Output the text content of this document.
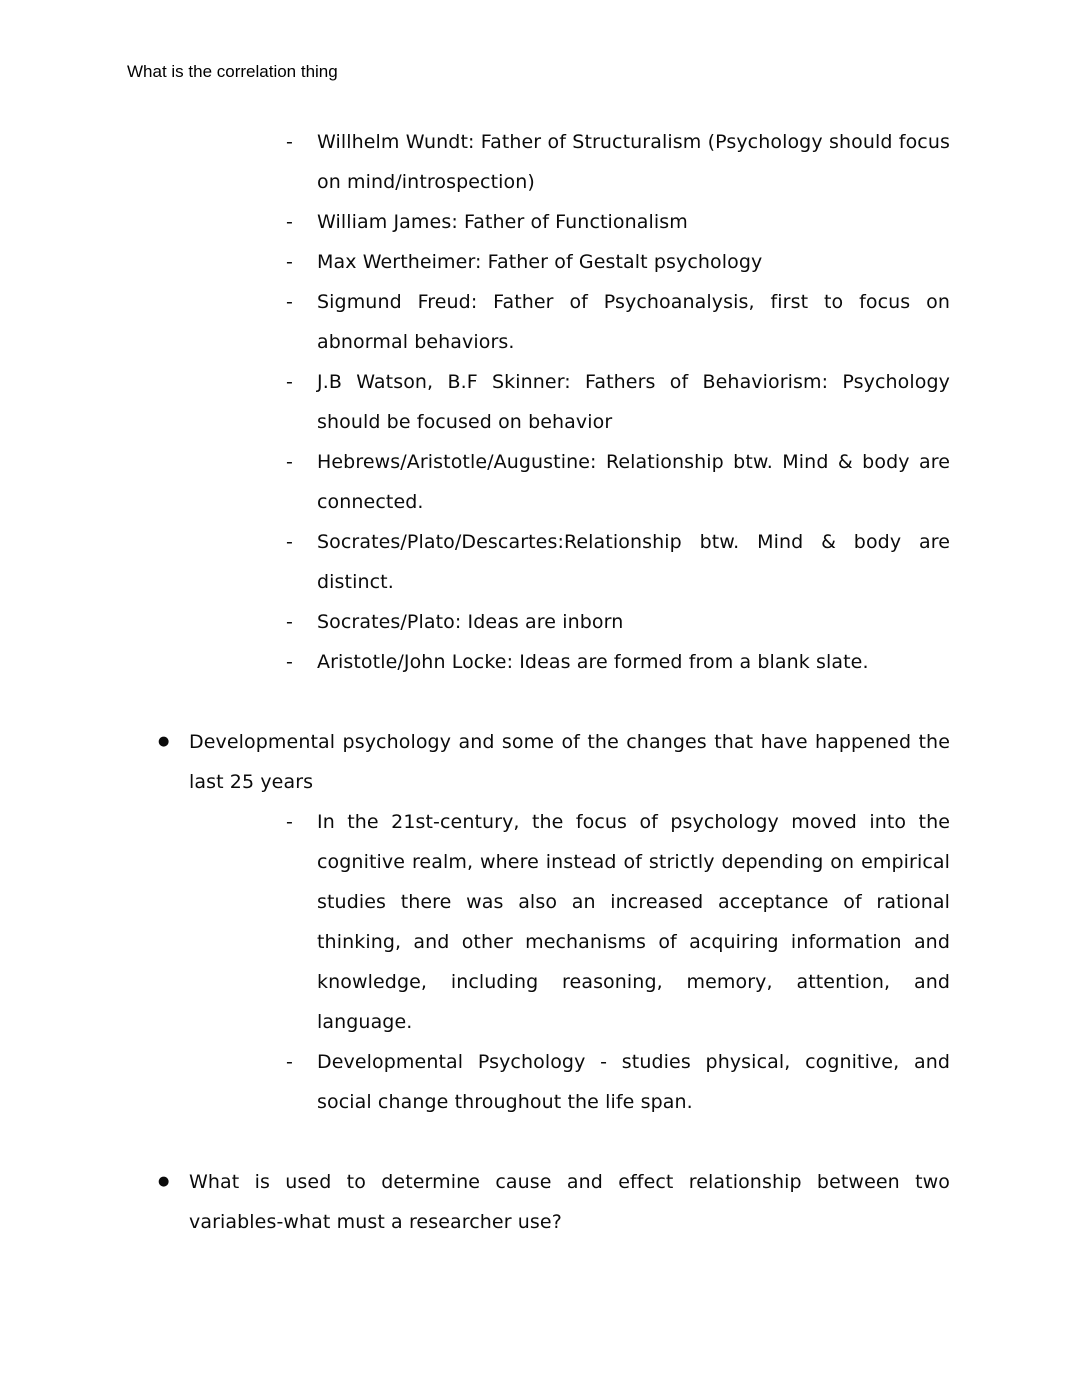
What is the correlation thing
-	Willhelm Wundt: Father of Structuralism (Psychology should focus on mind/introspection)
-	William James: Father of Functionalism
-	Max Wertheimer: Father of Gestalt psychology
-	Sigmund Freud: Father of Psychoanalysis, first to focus on abnormal behaviors.
-	J.B Watson, B.F Skinner: Fathers of Behaviorism: Psychology should be focused on behavior
-	Hebrews/Aristotle/Augustine: Relationship btw. Mind & body are connected.
-	Socrates/Plato/Descartes:Relationship btw. Mind & body are distinct.
-	Socrates/Plato: Ideas are inborn
-	Aristotle/John Locke: Ideas are formed from a blank slate.
●	Developmental psychology and some of the changes that have happened the last 25 years
-	In the 21st-century, the focus of psychology moved into the cognitive realm, where instead of strictly depending on empirical studies there was also an increased acceptance of rational thinking, and other mechanisms of acquiring information and knowledge, including reasoning, memory, attention, and language.
-	Developmental Psychology - studies physical, cognitive, and social change throughout the life span.
●	What is used to determine cause and effect relationship between two variables-what must a researcher use?
